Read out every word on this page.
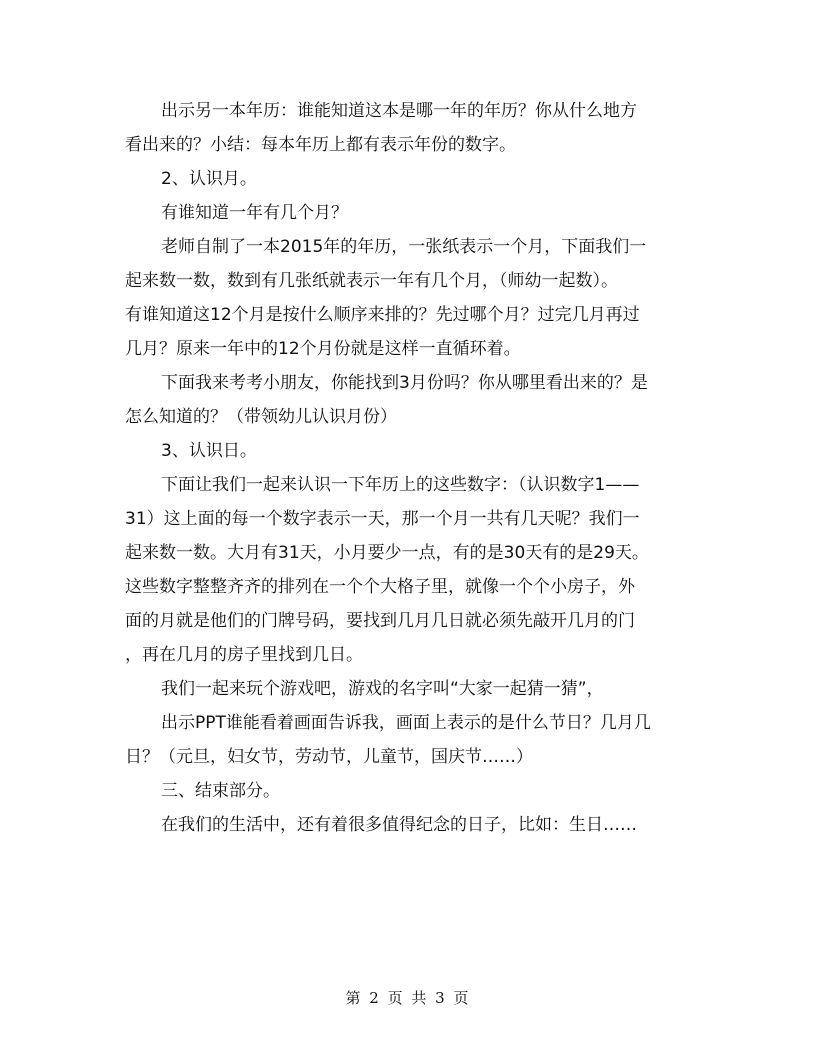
出示另一本年历：谁能知道这本是哪一年的年历？你从什么地方
看出来的？小结：每本年历上都有表示年份的数字。

2、认识月。

有谁知道一年有几个月？

老师自制了一本2015年的年历，一张纸表示一个月，下面我们一
起来数一数，数到有几张纸就表示一年有几个月，（师幼一起数）。
有谁知道这12个月是按什么顺序来排的？先过哪个月？过完几月再过
几月？原来一年中的12个月份就是这样一直循环着。

下面我来考考小朋友，你能找到3月份吗？你从哪里看出来的？是
怎么知道的？（带领幼儿认识月份）

3、认识日。

下面让我们一起来认识一下年历上的这些数字：（认识数字1——
31）这上面的每一个数字表示一天，那一个月一共有几天呢？我们一
起来数一数。大月有31天，小月要少一点，有的是30天有的是29天。
这些数字整整齐齐的排列在一个个大格子里，就像一个个小房子，外
面的月就是他们的门牌号码，要找到几月几日就必须先敲开几月的门
，再在几月的房子里找到几日。

我们一起来玩个游戏吧，游戏的名字叫“大家一起猜一猜”，

出示PPT谁能看着画面告诉我，画面上表示的是什么节日？几月几
日？（元旦，妇女节，劳动节，儿童节，国庆节……）

三、结束部分。

在我们的生活中，还有着很多值得纪念的日子，比如：生日……

第 2 页 共 3 页
